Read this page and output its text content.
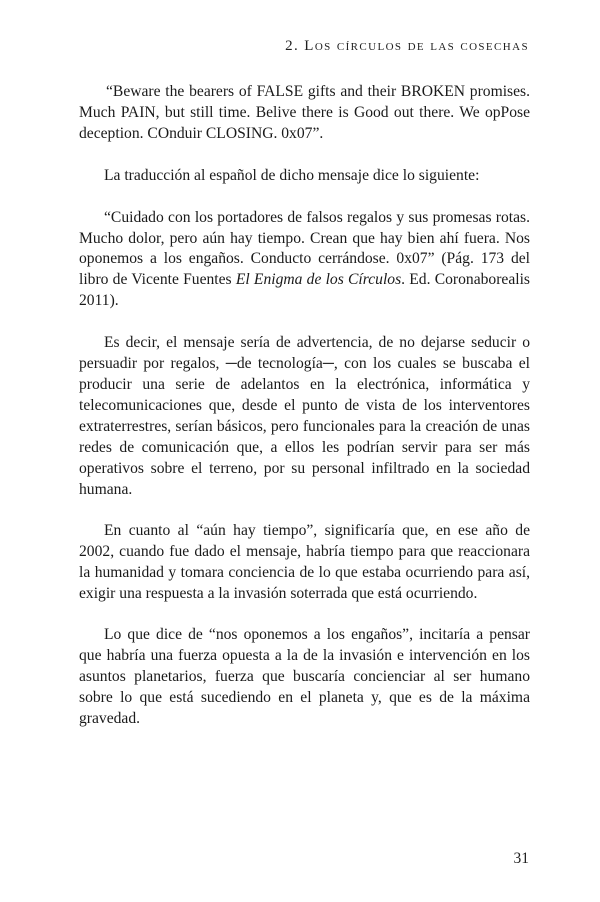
2. Los círculos de las cosechas

“Beware the bearers of FALSE gifts and their BROKEN promises. Much PAIN, but still time. Belive there is Good out there. We opPose deception. COnduir CLOSING. 0x07”.

La traducción al español de dicho mensaje dice lo siguiente:

“Cuidado con los portadores de falsos regalos y sus promesas rotas. Mucho dolor, pero aún hay tiempo. Crean que hay bien ahí fuera. Nos oponemos a los engaños. Conducto cerrándose. 0x07” (Pág. 173 del libro de Vicente Fuentes El Enigma de los Círculos. Ed. Coronaborealis 2011).

Es decir, el mensaje sería de advertencia, de no dejarse seducir o persuadir por regalos, ─de tecnología─, con los cuales se buscaba el producir una serie de adelantos en la electrónica, informática y telecomunicaciones que, desde el punto de vista de los interventores extraterrestres, serían básicos, pero funcionales para la creación de unas redes de comunicación que, a ellos les podrían servir para ser más operativos sobre el terreno, por su personal infiltrado en la sociedad humana.

En cuanto al “aún hay tiempo”, significaría que, en ese año de 2002, cuando fue dado el mensaje, habría tiempo para que reaccionara la humanidad y tomara conciencia de lo que estaba ocurriendo para así, exigir una respuesta a la invasión soterrada que está ocurriendo.

Lo que dice de “nos oponemos a los engaños”, incitaría a pensar que habría una fuerza opuesta a la de la invasión e intervención en los asuntos planetarios, fuerza que buscaría concienciar al ser humano sobre lo que está sucediendo en el planeta y, que es de la máxima gravedad.

31
